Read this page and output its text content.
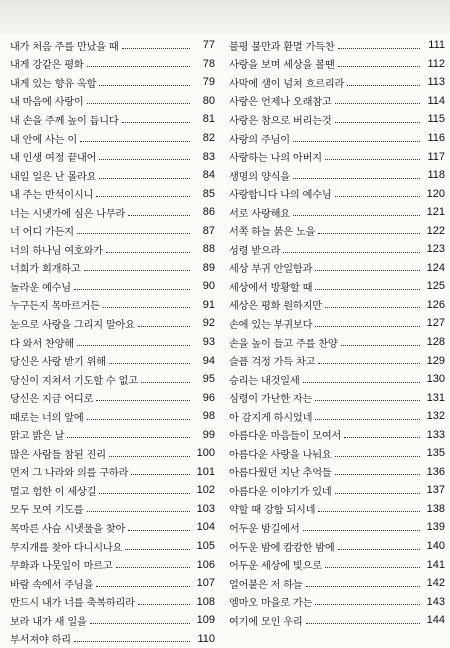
내가 처음 주를 만났을 때	77
내게 강같은 평화	78
내게 있는 향유 옥합	79
내 마음에 사랑이	80
내 손을 주께 높이 듭니다	81
내 안에 사는 이	82
내 인생 여정 끝내어	83
내일 일은 난 몰라요	84
내 주는 반석이시니	85
너는 시냇가에 심은 나무라	86
너 어디 가든지	87
너의 하나님 여호와가	88
너희가 회개하고	89
놀라운 예수님	90
누구든지 목마르거든	91
눈으로 사랑을 그리지 말아요	92
다 와서 찬양해	93
당신은 사랑 받기 위해	94
당신이 지쳐서 기도할 수 없고	95
당신은 지금 어디로	96
때로는 너의 앞에	98
맑고 밝은 날	99
많은 사람들 참된 진리	100
먼저 그 나라와 의를 구하라	101
멀고 험한 이 세상길	102
모두 모여 기도를	103
목마른 사슴 시냇물을 찾아	104
무지개를 찾아 다니시나요	105
무화과 나뭇잎이 마르고	106
바람 속에서 주님을	107
반드시 내가 너를 축복하리라	108
보라 내가 새 일을	109
부서져야 하리	110
불평 불만과 환멸 가득찬	111
사랑을 보며 세상을 볼땐	112
사막에 샘이 넘쳐 흐르리라	113
사랑은 언제나 오래참고	114
사랑은 참으로 버리는것	115
사랑의 주님이	116
사랑하는 나의 아버지	117
생명의 양식을	118
사랑합니다 나의 예수님	120
서로 사랑해요	121
서쪽 하늘 붉은 노을	122
성령 받으라	123
세상 부귀 안일함과	124
세상에서 방황할 때	125
세상은 평화 원하지만	126
손에 있는 부귀보다	127
손을 높이 들고 주를 찬양	128
슬픔 걱정 가득 차고	129
승리는 내것일세	130
심령이 가난한 자는	131
아 감지게 하시었네	132
아름다운 마음들이 모여서	133
아름다운 사랑을 나눠요	135
아름다웠던 지난 추억들	136
아름다운 이야기가 있네	137
약할 때 강함 되시네	138
어두운 밤길에서	139
어두운 밤에 캄캄한 밤에	140
어두운 세상에 빛으로	141
얼어붙은 저 하늘	142
엠마오 마을로 가는	143
여기에 모인 우리	144
